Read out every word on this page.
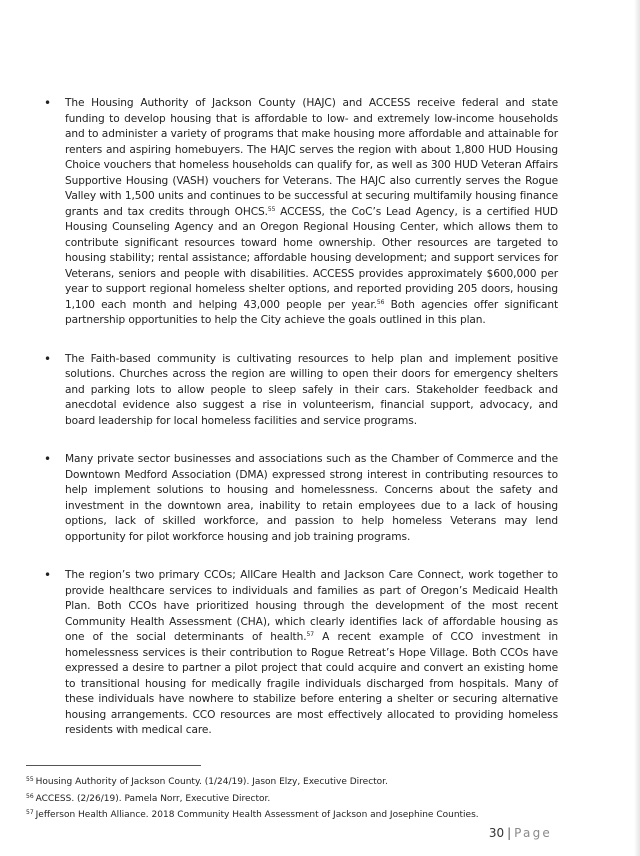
• The Housing Authority of Jackson County (HAJC) and ACCESS receive federal and state funding to develop housing that is affordable to low- and extremely low-income households and to administer a variety of programs that make housing more affordable and attainable for renters and aspiring homebuyers. The HAJC serves the region with about 1,800 HUD Housing Choice vouchers that homeless households can qualify for, as well as 300 HUD Veteran Affairs Supportive Housing (VASH) vouchers for Veterans. The HAJC also currently serves the Rogue Valley with 1,500 units and continues to be successful at securing multifamily housing finance grants and tax credits through OHCS.$^{55}$ ACCESS, the CoC’s Lead Agency, is a certified HUD Housing Counseling Agency and an Oregon Regional Housing Center, which allows them to contribute significant resources toward home ownership. Other resources are targeted to housing stability; rental assistance; affordable housing development; and support services for Veterans, seniors and people with disabilities. ACCESS provides approximately $600,000 per year to support regional homeless shelter options, and reported providing 205 doors, housing 1,100 each month and helping 43,000 people per year.$^{56}$ Both agencies offer significant partnership opportunities to help the City achieve the goals outlined in this plan.
• The Faith-based community is cultivating resources to help plan and implement positive solutions. Churches across the region are willing to open their doors for emergency shelters and parking lots to allow people to sleep safely in their cars. Stakeholder feedback and anecdotal evidence also suggest a rise in volunteerism, financial support, advocacy, and board leadership for local homeless facilities and service programs.
• Many private sector businesses and associations such as the Chamber of Commerce and the Downtown Medford Association (DMA) expressed strong interest in contributing resources to help implement solutions to housing and homelessness. Concerns about the safety and investment in the downtown area, inability to retain employees due to a lack of housing options, lack of skilled workforce, and passion to help homeless Veterans may lend opportunity for pilot workforce housing and job training programs.
• The region’s two primary CCOs; AllCare Health and Jackson Care Connect, work together to provide healthcare services to individuals and families as part of Oregon’s Medicaid Health Plan. Both CCOs have prioritized housing through the development of the most recent Community Health Assessment (CHA), which clearly identifies lack of affordable housing as one of the social determinants of health.$^{57}$ A recent example of CCO investment in homelessness services is their contribution to Rogue Retreat’s Hope Village. Both CCOs have expressed a desire to partner a pilot project that could acquire and convert an existing home to transitional housing for medically fragile individuals discharged from hospitals. Many of these individuals have nowhere to stabilize before entering a shelter or securing alternative housing arrangements. CCO resources are most effectively allocated to providing homeless residents with medical care.
$^{55}$ Housing Authority of Jackson County. (1/24/19). Jason Elzy, Executive Director.
$^{56}$ ACCESS. (2/26/19). Pamela Norr, Executive Director.
$^{57}$ Jefferson Health Alliance. 2018 Community Health Assessment of Jackson and Josephine Counties.
30 | Page
